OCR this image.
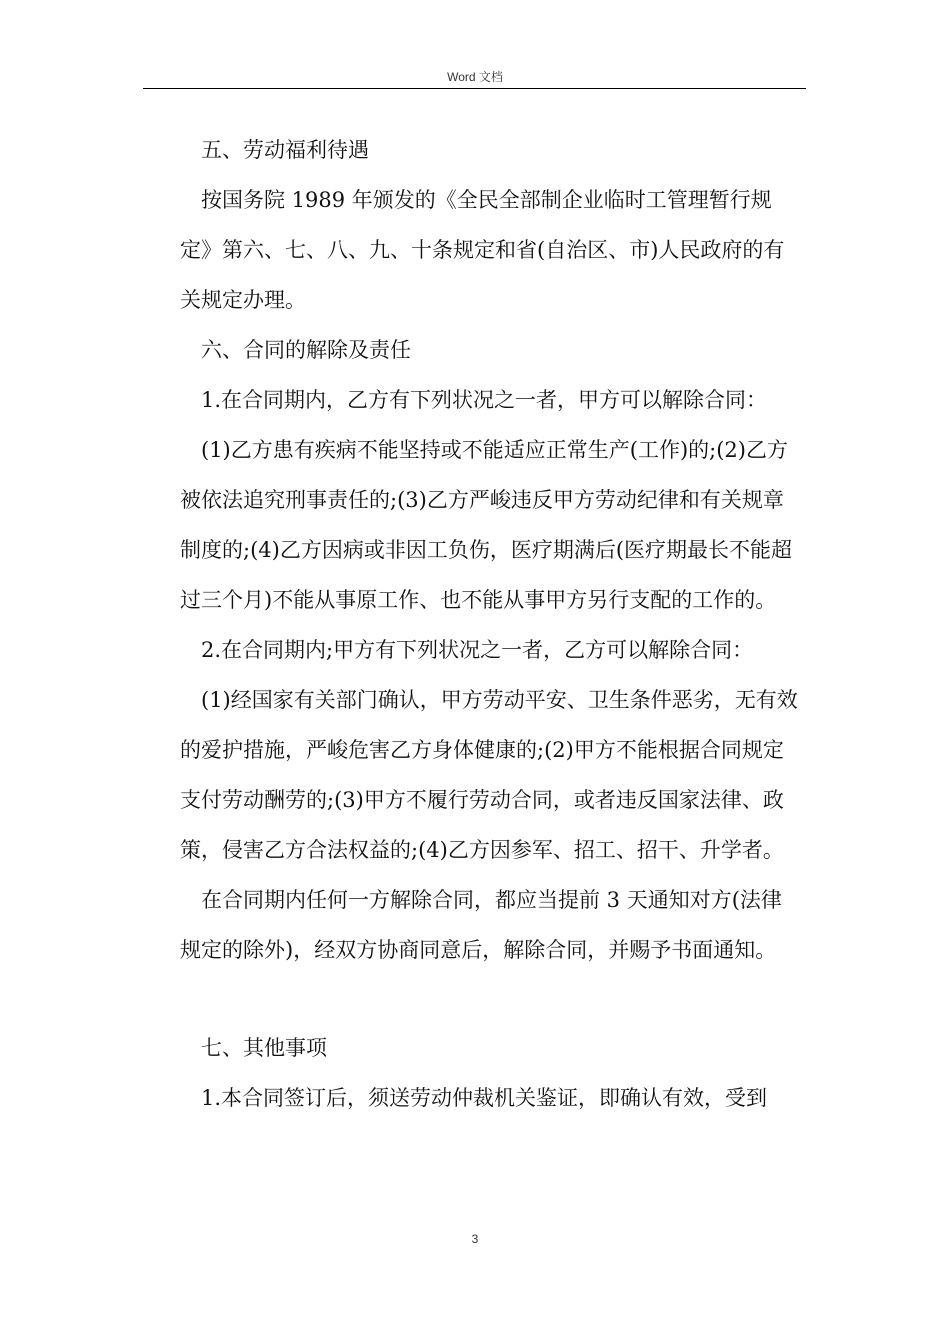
Word 文档

五、劳动福利待遇

按国务院 1989 年颁发的《全民全部制企业临时工管理暂行规定》第六、七、八、九、十条规定和省(自治区、市)人民政府的有关规定办理。

六、合同的解除及责任

1.在合同期内，乙方有下列状况之一者，甲方可以解除合同：

(1)乙方患有疾病不能坚持或不能适应正常生产(工作)的;(2)乙方被依法追究刑事责任的;(3)乙方严峻违反甲方劳动纪律和有关规章制度的;(4)乙方因病或非因工负伤，医疗期满后(医疗期最长不能超过三个月)不能从事原工作、也不能从事甲方另行支配的工作的。

2.在合同期内;甲方有下列状况之一者，乙方可以解除合同：

(1)经国家有关部门确认，甲方劳动平安、卫生条件恶劣，无有效的爱护措施，严峻危害乙方身体健康的;(2)甲方不能根据合同规定支付劳动酬劳的;(3)甲方不履行劳动合同，或者违反国家法律、政策，侵害乙方合法权益的;(4)乙方因参军、招工、招干、升学者。

在合同期内任何一方解除合同，都应当提前 3 天通知对方(法律规定的除外)，经双方协商同意后，解除合同，并赐予书面通知。

七、其他事项

1.本合同签订后，须送劳动仲裁机关鉴证，即确认有效，受到

3
